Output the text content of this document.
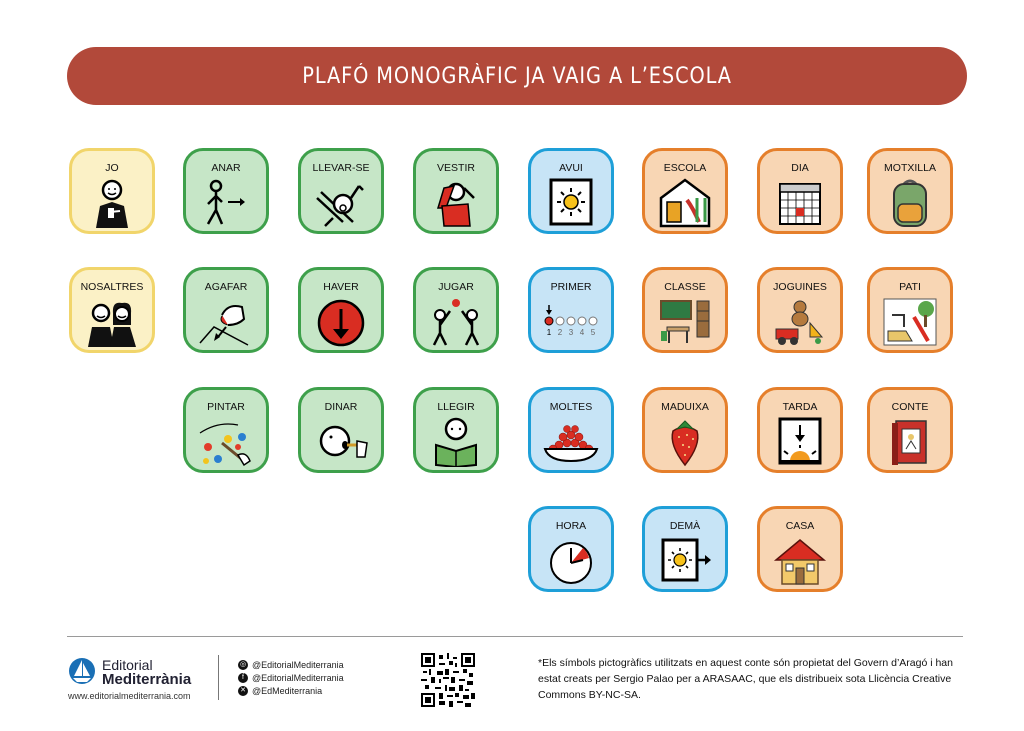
PLAFÓ MONOGRÀFIC JA VAIG A L’ESCOLA
JO	ANAR	LLEVAR-SE	VESTIR	AVUI	ESCOLA	DIA	MOTXILLA
NOSALTRES	AGAFAR	HAVER	JUGAR	PRIMER
1 2 3 4 5
CLASSE	JOGUINES	PATI
PINTAR	DINAR	LLEGIR	MOLTES	MADUIXA	TARDA	CONTE
HORA	DEMÀ	CASA
Editorial
Mediterrània
www.editorialmediterrania.com
◎ @EditorialMediterrania
f @EditorialMediterrania
✕ @EdMediterrania
*Els símbols pictogràfics utilitzats en aquest conte són propietat del Govern d’Aragó i han estat creats per Sergio Palao per a ARASAAC, que els distribueix sota Llicència Creative Commons BY-NC-SA.
